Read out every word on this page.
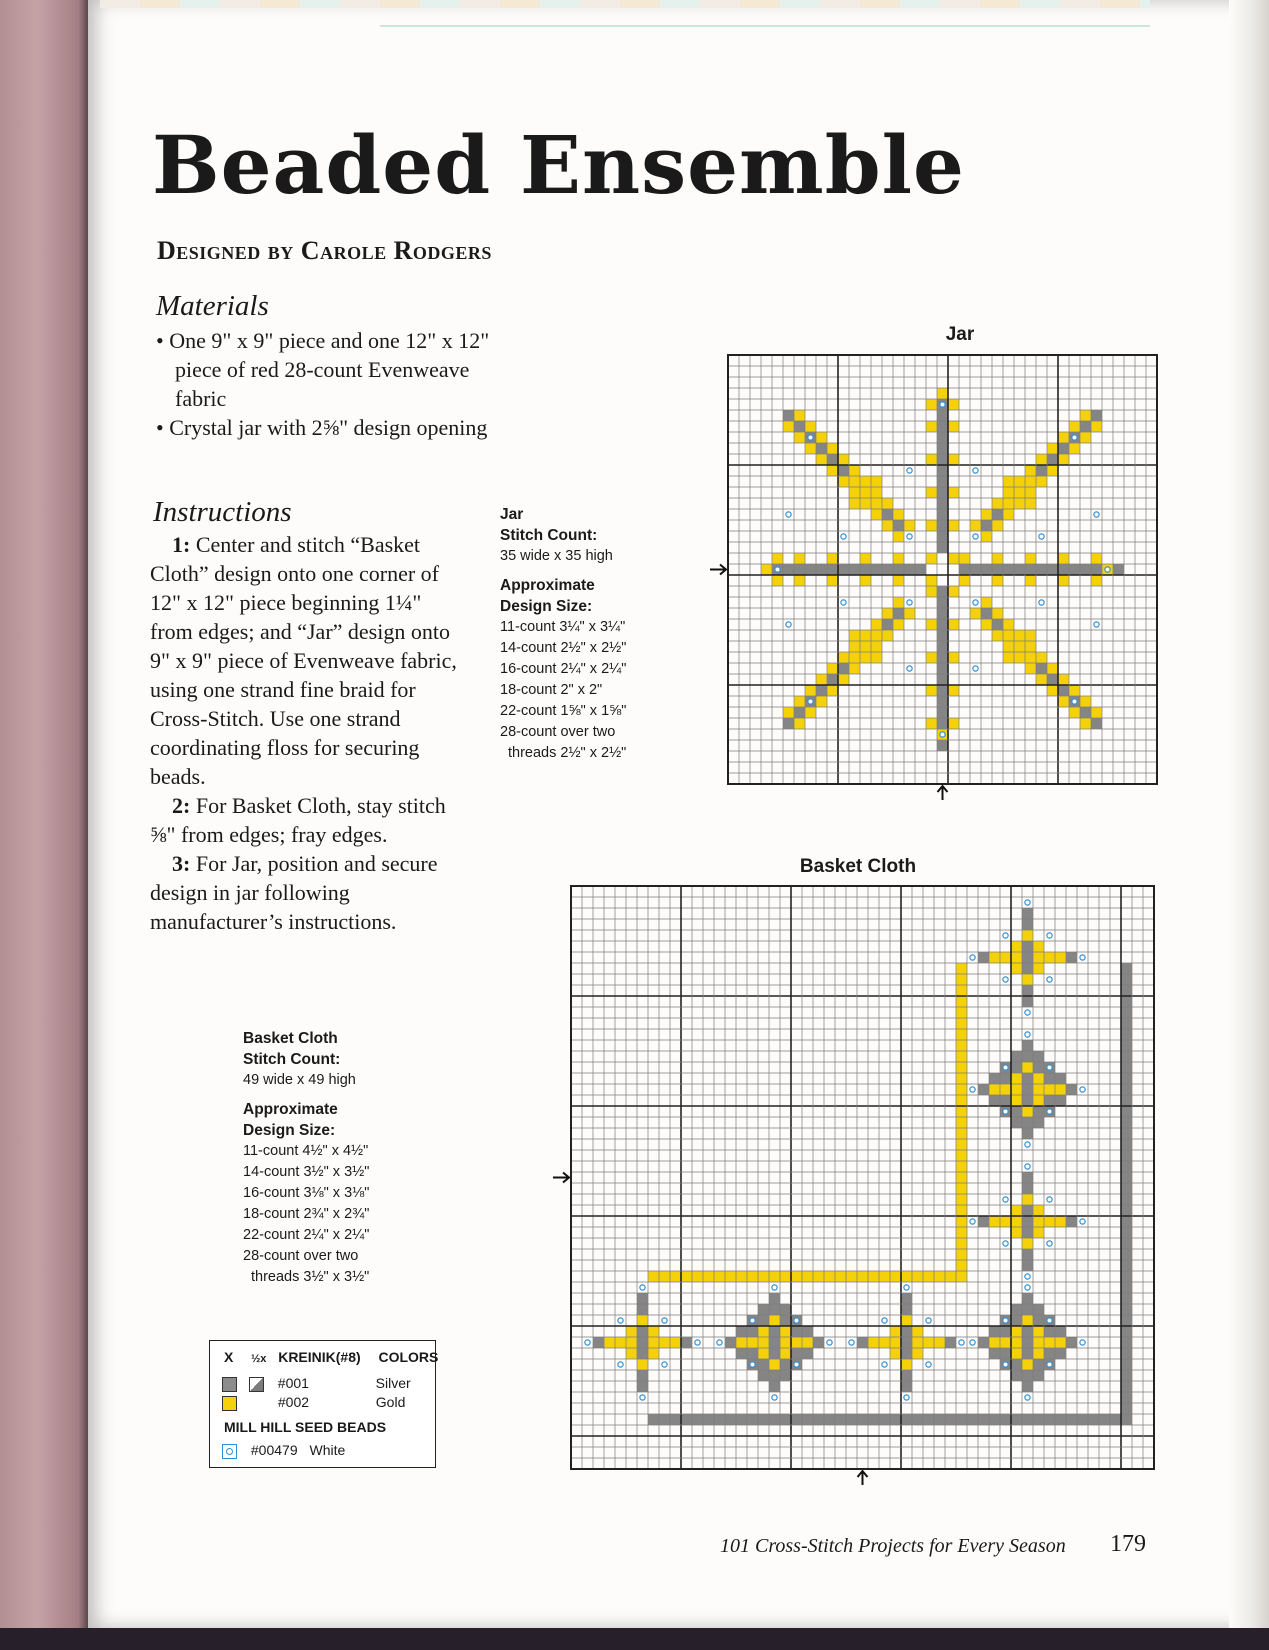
Beaded Ensemble
Designed by Carole Rodgers
Materials
• One 9" x 9" piece and one 12" x 12" piece of red 28-count Evenweave fabric
• Crystal jar with 2⅝" design opening
Instructions

1: Center and stitch “Basket Cloth” design onto one corner of 12" x 12" piece beginning 1¼" from edges; and “Jar” design onto 9" x 9" piece of Evenweave fabric, using one strand fine braid for Cross-Stitch. Use one strand coordinating floss for securing beads.

2: For Basket Cloth, stay stitch ⅝" from edges; fray edges.

3: For Jar, position and secure design in jar following manufacturer’s instructions.

Jar
Stitch Count:
35 wide x 35 high
Approximate
Design Size:
11-count 3¼" x 3¼"
14-count 2½" x 2½"
16-count 2¼" x 2¼"
18-count 2" x 2"
22-count 1⅝" x 1⅝"
28-count over two
threads 2½" x 2½"
Basket Cloth
Stitch Count:
49 wide x 49 high
Approximate
Design Size:
11-count 4½" x 4½"
14-count 3½" x 3½"
16-count 3⅛" x 3⅛"
18-count 2¾" x 2¾"
22-count 2¼" x 2¼"
28-count over two
threads 3½" x 3½"
X ½x KREINIK(#8) COLORS
#001	Silver
#002	Gold
MILL HILL SEED BEADS
#00479 White
Jar
Basket Cloth
101 Cross-Stitch Projects for Every Season 179
